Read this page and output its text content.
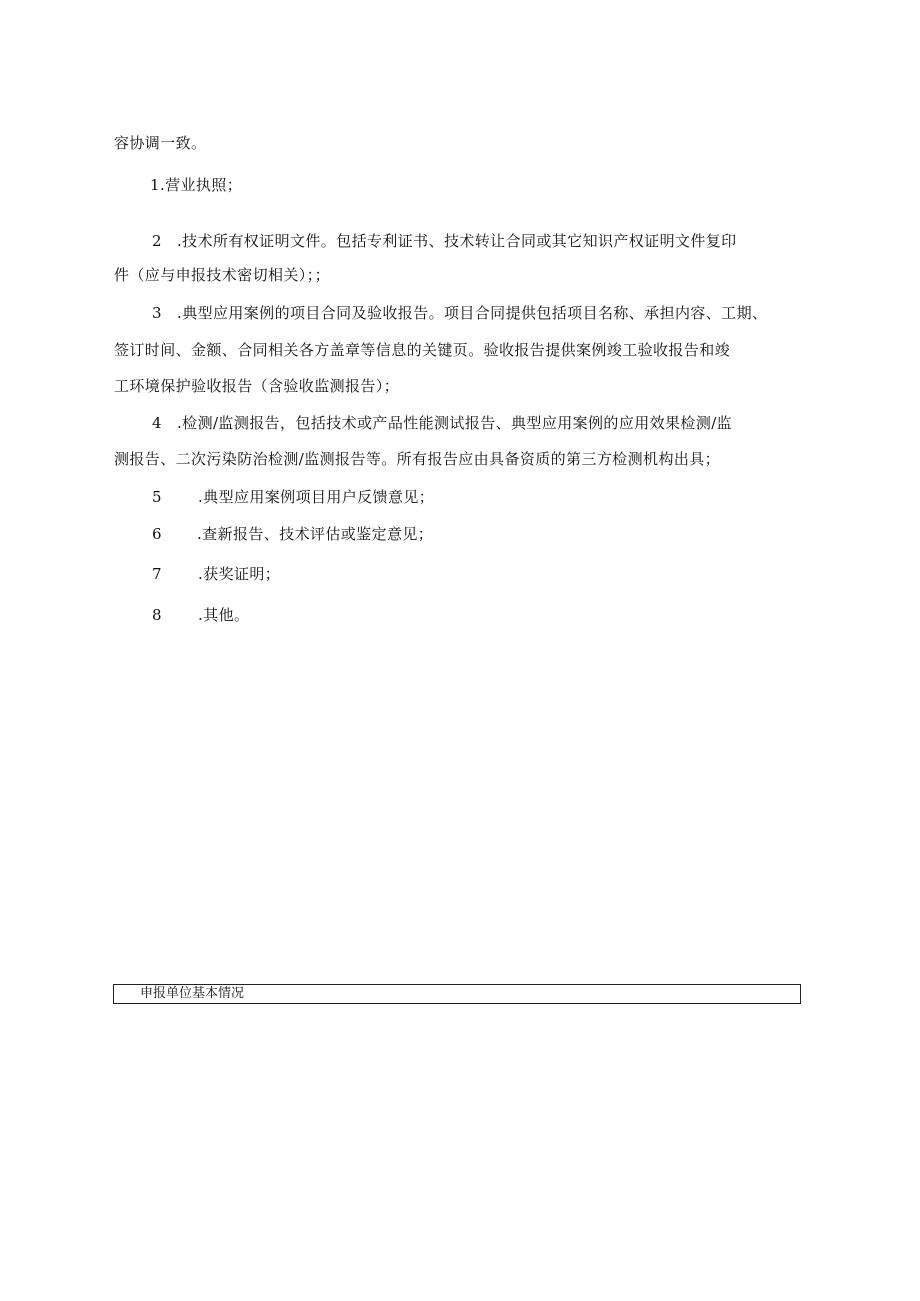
容协调一致。
1.营业执照；
2 .技术所有权证明文件。包括专利证书、技术转让合同或其它知识产权证明文件复印
件（应与申报技术密切相关）；；
3 .典型应用案例的项目合同及验收报告。项目合同提供包括项目名称、承担内容、工期、
签订时间、金额、合同相关各方盖章等信息的关键页。验收报告提供案例竣工验收报告和竣
工环境保护验收报告（含验收监测报告）；
4 .检测/监测报告，包括技术或产品性能测试报告、典型应用案例的应用效果检测/监
测报告、二次污染防治检测/监测报告等。所有报告应由具备资质的第三方检测机构出具；
5 .典型应用案例项目用户反馈意见；
6 .查新报告、技术评估或鉴定意见；
7 .获奖证明；
8 .其他。
申报单位基本情况
